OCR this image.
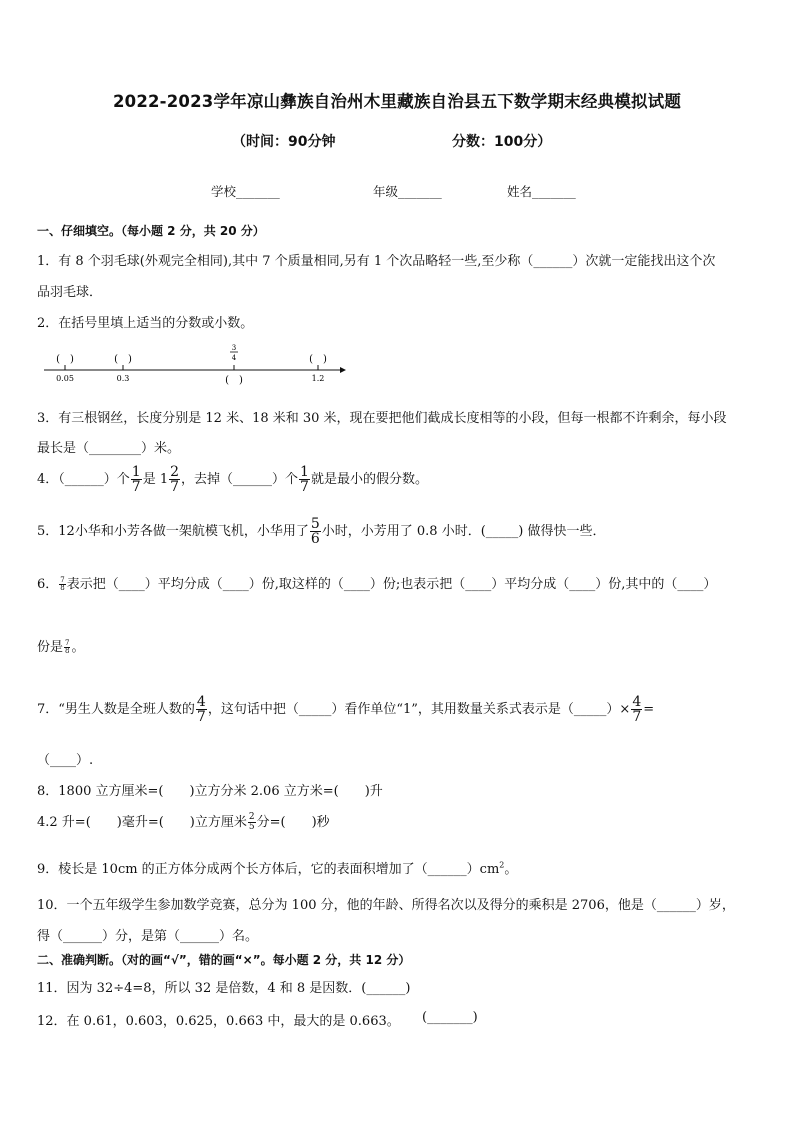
2022-2023学年凉山彝族自治州木里藏族自治县五下数学期末经典模拟试题
（时间：90分钟	分数：100分）
学校_______	年级_______	姓名_______
一、仔细填空。（每小题 2 分，共 20 分）
1．有 8 个羽毛球(外观完全相同),其中 7 个质量相同,另有 1 个次品略轻一些,至少称（______）次就一定能找出这个次
品羽毛球．
2．在括号里填上适当的分数或小数。
(　)	(　)	(　)
3
4
0.05	0.3	1.2
(　)
3．有三根钢丝，长度分别是 12 米、18 米和 30 米，现在要把他们截成长度相等的小段，但每一根都不许剩余，每小段
最长是（________）米。
4．（______）个 $\frac{1}{7}$ 是 $1 \frac{2}{7}$ ，去掉（______）个 $\frac{1}{7}$ 就是最小的假分数。
5．12小华和小芳各做一架航模飞机，小华用了 $\frac{5}{6}$ 小时，小芳用了 0.8 小时．(_____) 做得快一些．
6． $\frac{7}{8}$ 表示把（____）平均分成（____）份,取这样的（____）份;也表示把（____）平均分成（____）份,其中的（____）
份是 $\frac{7}{8}$ 。
7．“男生人数是全班人数的 $\frac{4}{7}$ ，这句话中把（_____）看作单位“1”，其用数量关系式表示是（_____）× $\frac{4}{7}$ =
（____）.
8．1800 立方厘米=(　　)立方分米 2.06 立方米=(　　)升
4.2 升=(　　)毫升=(　　)立方厘米 $\frac{2}{5}$ 分=(　　)秒
9．棱长是 10cm 的正方体分成两个长方体后，它的表面积增加了$(\_\_\_\_\_\_)cm^2$。
10．一个五年级学生参加数学竞赛，总分为 100 分，他的年龄、所得名次以及得分的乘积是 2706，他是（______）岁，
得（______）分，是第（______）名。
二、准确判断。（对的画“√”，错的画“×”。每小题 2 分，共 12 分）
11．因为 32÷4=8，所以 32 是倍数，4 和 8 是因数．(______)
12．在 0.61，0.603，0.625，0.663 中，最大的是 0.663。 (_______)
